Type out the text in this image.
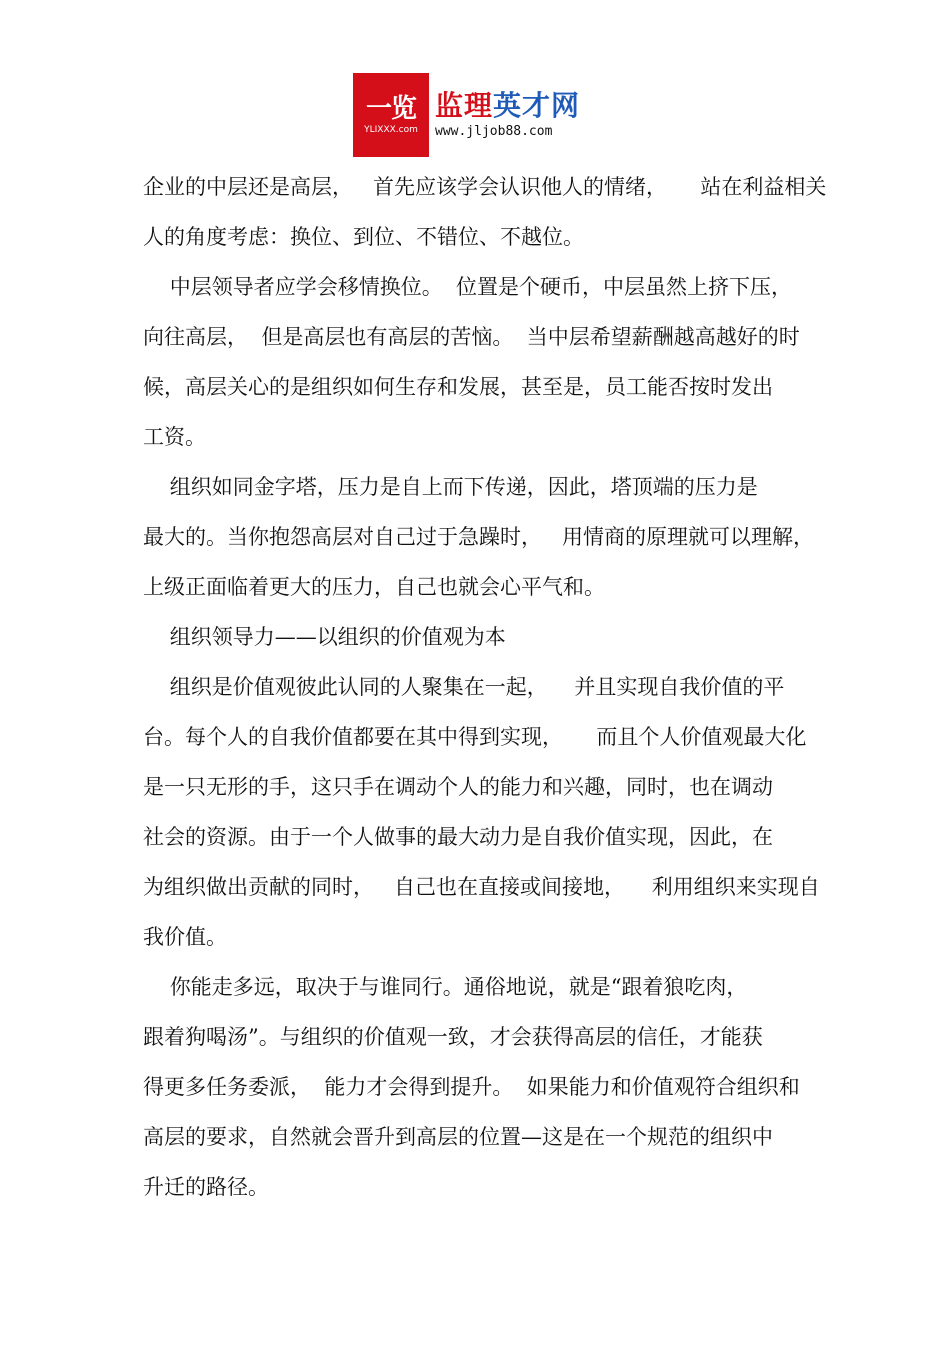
一览
YLIXXX.com
监理英才网
www.jljob88.com

企业的中层还是高层，   首先应该学会认识他人的情绪，     站在利益相关

人的角度考虑：换位、到位、不错位、不越位。

中层领导者应学会移情换位。  位置是个硬币，中层虽然上挤下压，

向往高层，  但是高层也有高层的苦恼。  当中层希望薪酬越高越好的时

候，高层关心的是组织如何生存和发展，甚至是，员工能否按时发出

工资。

组织如同金字塔，压力是自上而下传递，因此，塔顶端的压力是

最大的。当你抱怨高层对自己过于急躁时，   用情商的原理就可以理解，

上级正面临着更大的压力，自己也就会心平气和。

组织领导力——以组织的价值观为本

组织是价值观彼此认同的人聚集在一起，    并且实现自我价值的平

台。每个人的自我价值都要在其中得到实现，     而且个人价值观最大化

是一只无形的手，这只手在调动个人的能力和兴趣，同时，也在调动

社会的资源。由于一个人做事的最大动力是自我价值实现，因此，在

为组织做出贡献的同时，   自己也在直接或间接地，    利用组织来实现自

我价值。

你能走多远，取决于与谁同行。通俗地说，就是“跟着狼吃肉，

跟着狗喝汤”。与组织的价值观一致，才会获得高层的信任，才能获

得更多任务委派，  能力才会得到提升。  如果能力和价值观符合组织和

高层的要求，自然就会晋升到高层的位置—这是在一个规范的组织中

升迁的路径。
